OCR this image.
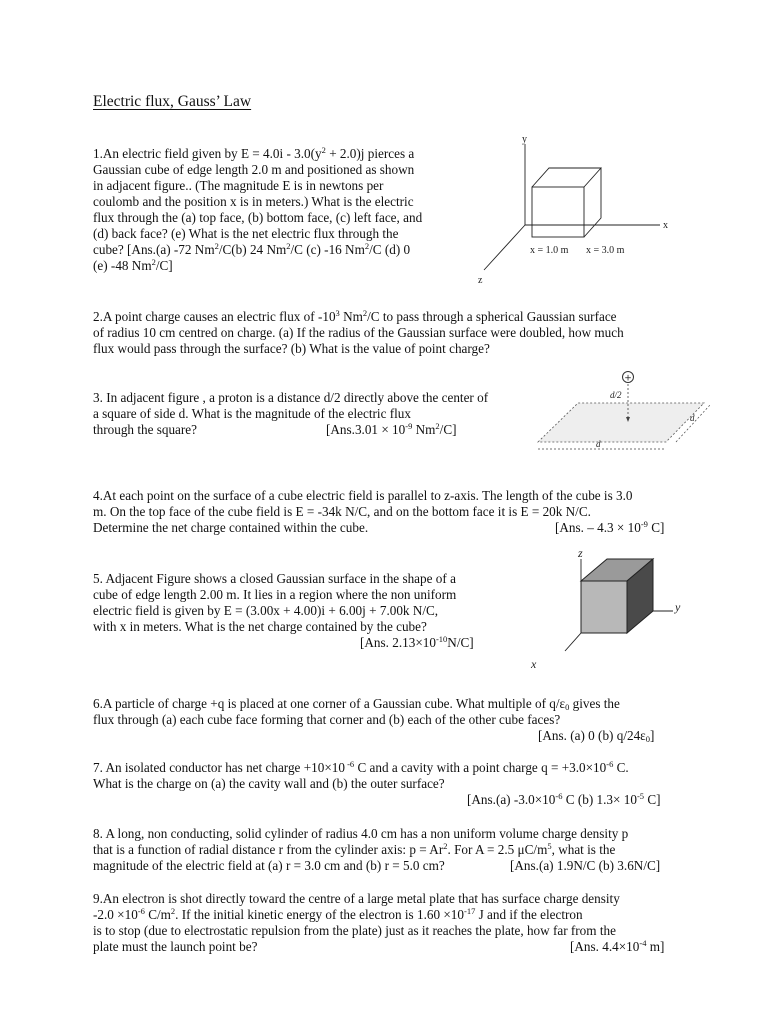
Electric flux, Gauss’ Law

1.An electric field given by $E = 4.0i - 3.0(y^2 + 2.0)j$ pierces a

Gaussian cube of edge length 2.0 m and positioned as shown

in adjacent figure.. (The magnitude E is in newtons per

coulomb and the position x is in meters.) What is the electric

flux through the (a) top face, (b) bottom face, (c) left face, and

(d) back face? (e) What is the net electric flux through the

cube? [Ans.(a) -72 Nm$^2$/C(b) 24 Nm$^2$/C (c) -16 Nm$^2$/C (d) 0

(e) -48 Nm$^2$/C]

y
x
z
x = 1.0 m x = 3.0 m

2.A point charge causes an electric flux of $-10^3$ Nm$^2$/C to pass through a spherical Gaussian surface

of radius 10 cm centred on charge. (a) If the radius of the Gaussian surface were doubled, how much

flux would pass through the surface? (b) What is the value of point charge?

3. In adjacent figure , a proton is a distance d/2 directly above the center of

a square of side d. What is the magnitude of the electric flux

through the square?	[$Ans.3.01 \times 10^{-9}$ Nm$^2$/C]

+
d/2
d
d

4.At each point on the surface of a cube electric field is parallel to z-axis. The length of the cube is 3.0

m. On the top face of the cube field is E = -34k N/C, and on the bottom face it is E = 20k N/C.

Determine the net charge contained within the cube.	[Ans. – $4.3 \times 10^{-9}$ C]

5. Adjacent Figure shows a closed Gaussian surface in the shape of a

cube of edge length 2.00 m. It lies in a region where the non uniform

electric field is given by E = (3.00x + 4.00)i + 6.00j + 7.00k N/C,

with x in meters. What is the net charge contained by the cube?

[Ans. $2.13\times 10^{-10}N/C$]

z
y
x

6.A particle of charge +q is placed at one corner of a Gaussian cube. What multiple of $q/\varepsilon_0$ gives the

flux through (a) each cube face forming that corner and (b) each of the other cube faces?

[Ans. (a) 0 (b) $q/24\varepsilon_0$]

7. An isolated conductor has net charge +10×10 $^{-6}$ C and a cavity with a point charge $q = +3.0\times 10^{-6}$ C.

What is the charge on (a) the cavity wall and (b) the outer surface?

[Ans.(a) $-3.0\times 10^{-6}$ C (b) $1.3\times 10^{-5}$ C]

8. A long, non conducting, solid cylinder of radius 4.0 cm has a non uniform volume charge density p

that is a function of radial distance r from the cylinder axis: $p = Ar^2$. For A = 2.5 $\mu C/m^5$, what is the

magnitude of the electric field at (a) r = 3.0 cm and (b) r = 5.0 cm?	[Ans.(a) 1.9N/C (b) 3.6N/C]

9.An electron is shot directly toward the centre of a large metal plate that has surface charge density

$-2.0 \times 10^{-6}$ $C/m^2$. If the initial kinetic energy of the electron is $1.60 \times 10^{-17}$ J and if the electron

is to stop (due to electrostatic repulsion from the plate) just as it reaches the plate, how far from the

plate must the launch point be?	[Ans. $4.4\times 10^{-4}$ m]
